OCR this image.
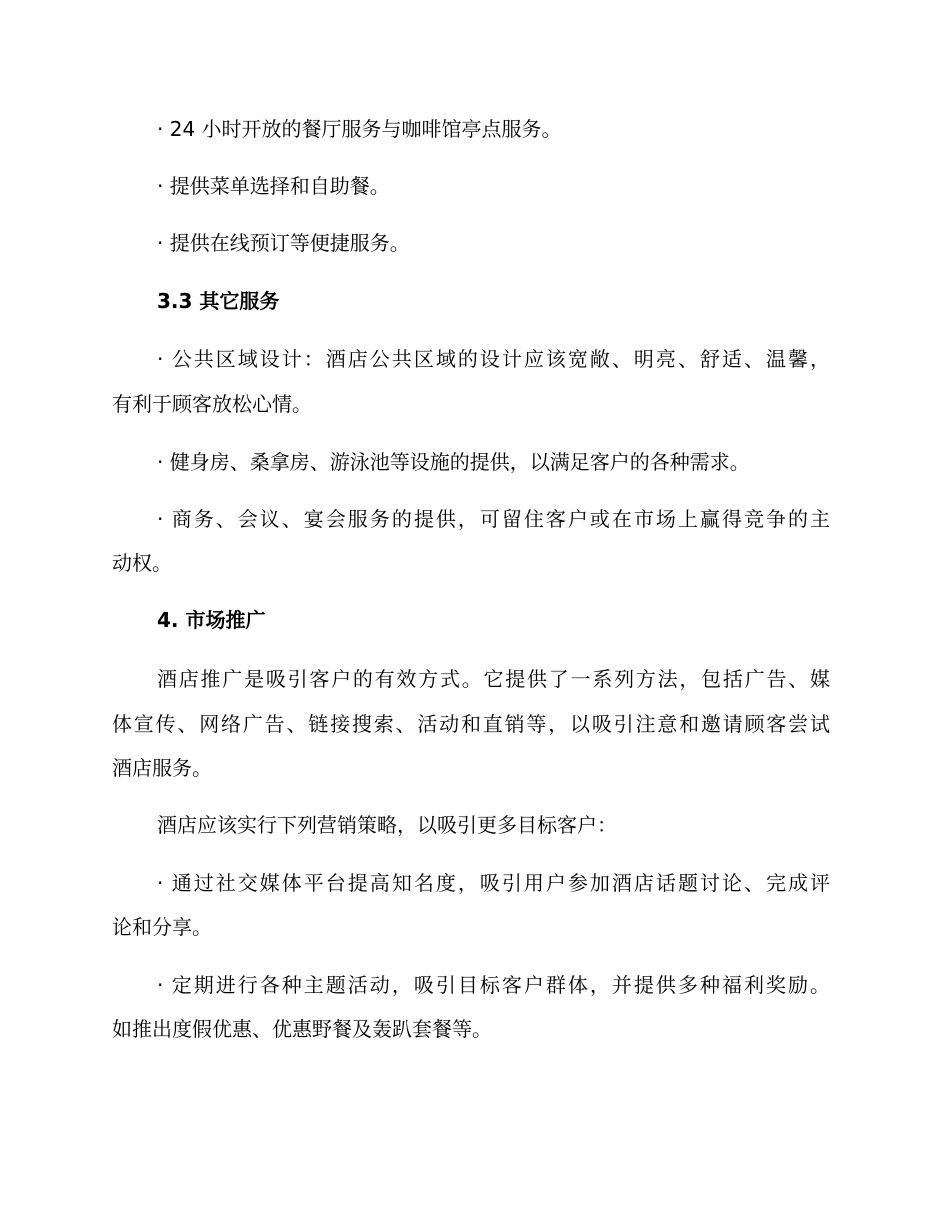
· 24 小时开放的餐厅服务与咖啡馆亭点服务。

· 提供菜单选择和自助餐。

· 提供在线预订等便捷服务。

3.3 其它服务

· 公共区域设计：酒店公共区域的设计应该宽敞、明亮、舒适、温馨，

有利于顾客放松心情。

· 健身房、桑拿房、游泳池等设施的提供，以满足客户的各种需求。

· 商务、会议、宴会服务的提供，可留住客户或在市场上赢得竞争的主

动权。

4. 市场推广

酒店推广是吸引客户的有效方式。它提供了一系列方法，包括广告、媒

体宣传、网络广告、链接搜索、活动和直销等，以吸引注意和邀请顾客尝试

酒店服务。

酒店应该实行下列营销策略，以吸引更多目标客户：

· 通过社交媒体平台提高知名度，吸引用户参加酒店话题讨论、完成评

论和分享。

· 定期进行各种主题活动，吸引目标客户群体，并提供多种福利奖励。

如推出度假优惠、优惠野餐及轰趴套餐等。
